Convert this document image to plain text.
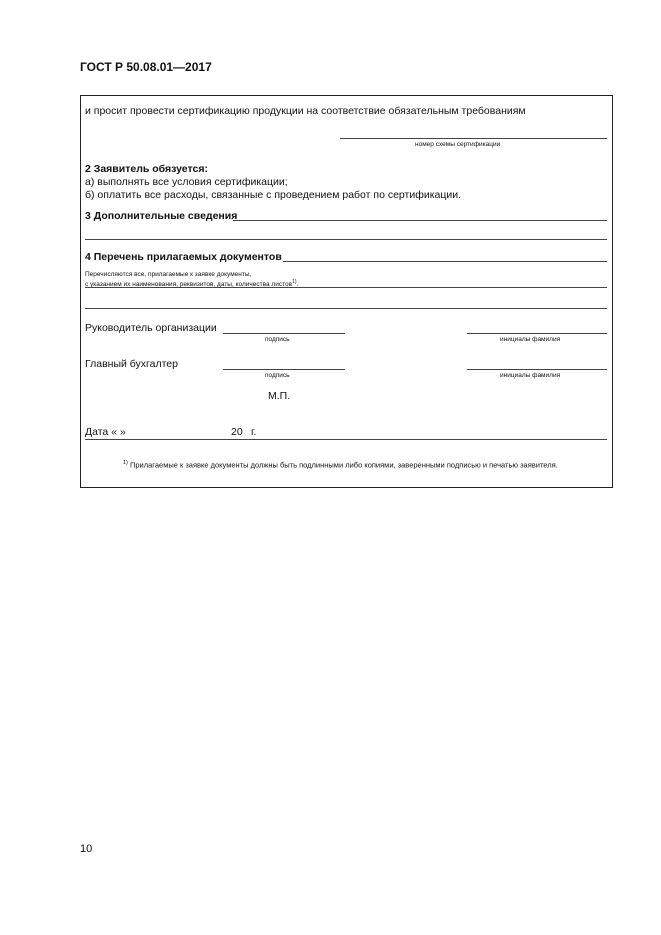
ГОСТ Р 50.08.01—2017
и просит провести сертификацию продукции на соответствие обязательным требованиям
номер схемы сертификации
2 Заявитель обязуется:
а) выполнять все условия сертификации;
б) оплатить все расходы, связанные с проведением работ по сертификации.
3 Дополнительные сведения
4 Перечень прилагаемых документов
Перечисляются все, прилагаемые к заявке документы,
с указанием их наименования, реквизитов, даты, количества листов$^{1)}$.
Руководитель организации
подпись	инициалы фамилия
Главный бухгалтер
подпись	инициалы фамилия
М.П.
Дата « »	20 г.
$^{1)}$ Прилагаемые к заявке документы должны быть подлинными либо копиями, заверенными подписью и печатью заявителя.
10
